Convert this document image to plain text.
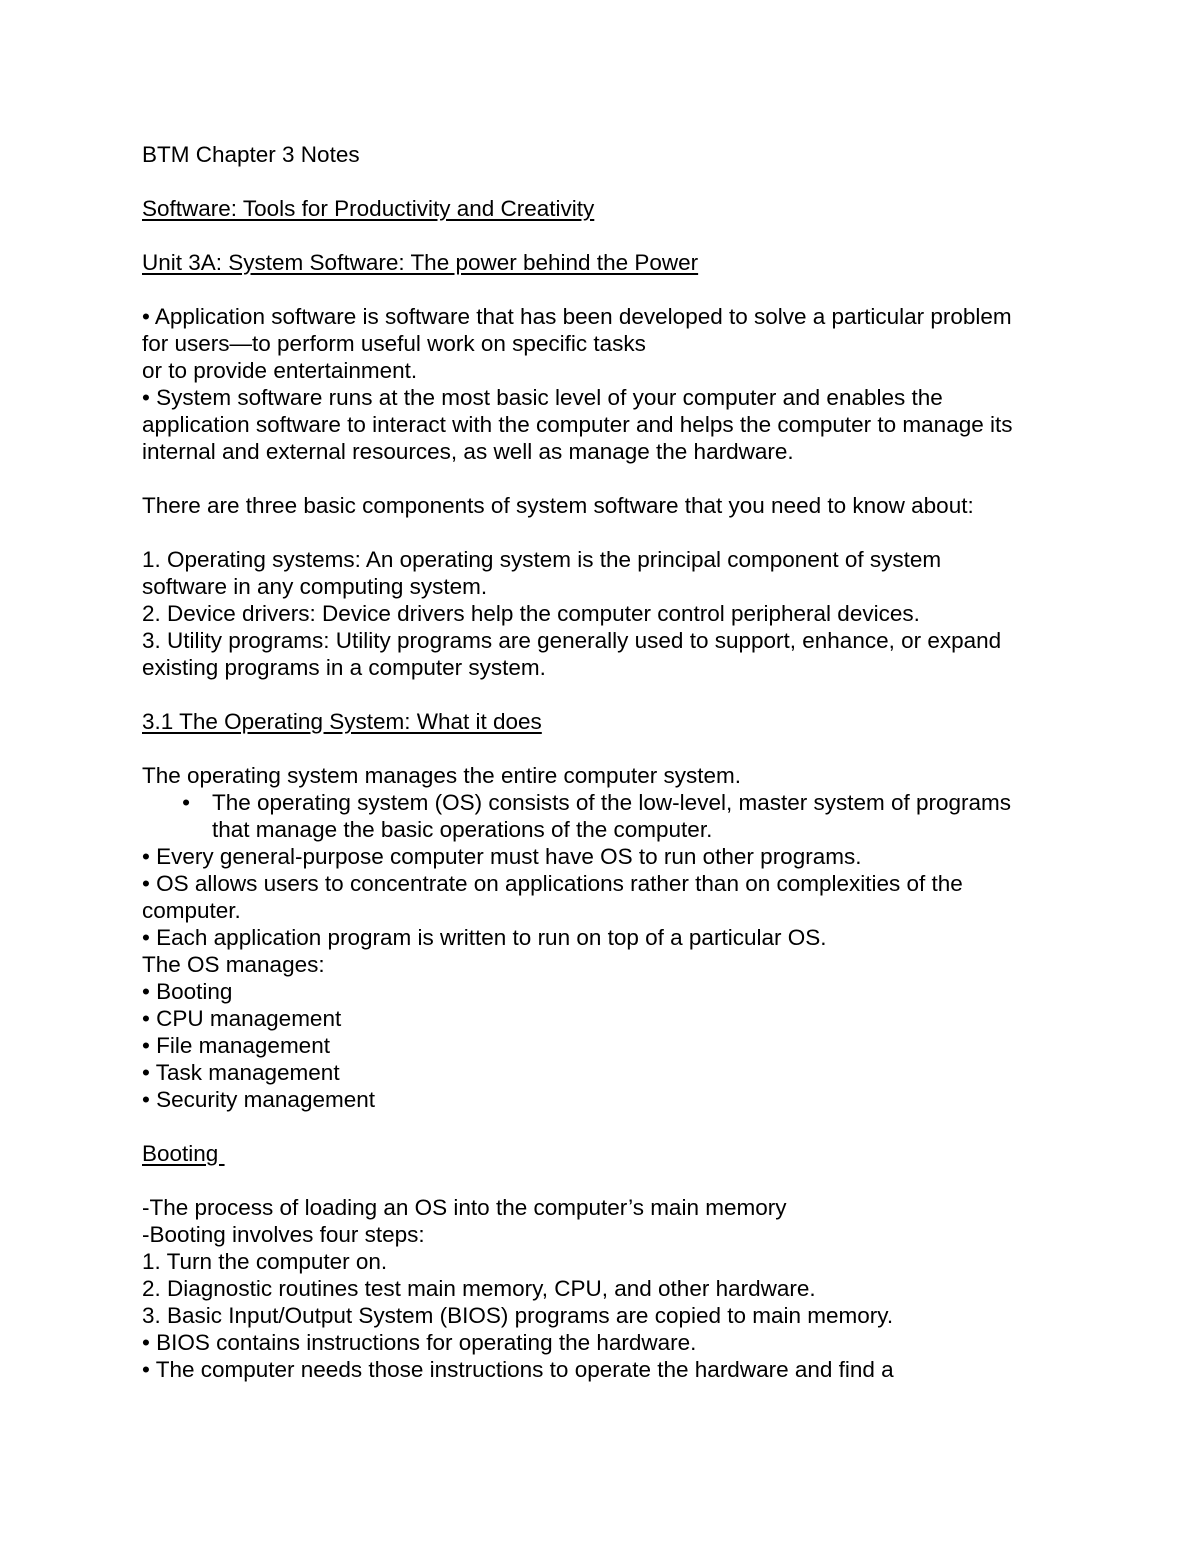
BTM Chapter 3 Notes
Software: Tools for Productivity and Creativity
Unit 3A: System Software: The power behind the Power
• Application software is software that has been developed to solve a particular problem
for users—to perform useful work on specific tasks
or to provide entertainment.
• System software runs at the most basic level of your computer and enables the
application software to interact with the computer and helps the computer to manage its
internal and external resources, as well as manage the hardware.
There are three basic components of system software that you need to know about:
1. Operating systems: An operating system is the principal component of system
software in any computing system.
2. Device drivers: Device drivers help the computer control peripheral devices.
3. Utility programs: Utility programs are generally used to support, enhance, or expand
existing programs in a computer system.
3.1 The Operating System: What it does
The operating system manages the entire computer system.
• The operating system (OS) consists of the low-level, master system of programs
that manage the basic operations of the computer.
• Every general-purpose computer must have OS to run other programs.
• OS allows users to concentrate on applications rather than on complexities of the
computer.
• Each application program is written to run on top of a particular OS.
The OS manages:
• Booting
• CPU management
• File management
• Task management
• Security management
Booting
-The process of loading an OS into the computer’s main memory
-Booting involves four steps:
1. Turn the computer on.
2. Diagnostic routines test main memory, CPU, and other hardware.
3. Basic Input/Output System (BIOS) programs are copied to main memory.
• BIOS contains instructions for operating the hardware.
• The computer needs those instructions to operate the hardware and find a
